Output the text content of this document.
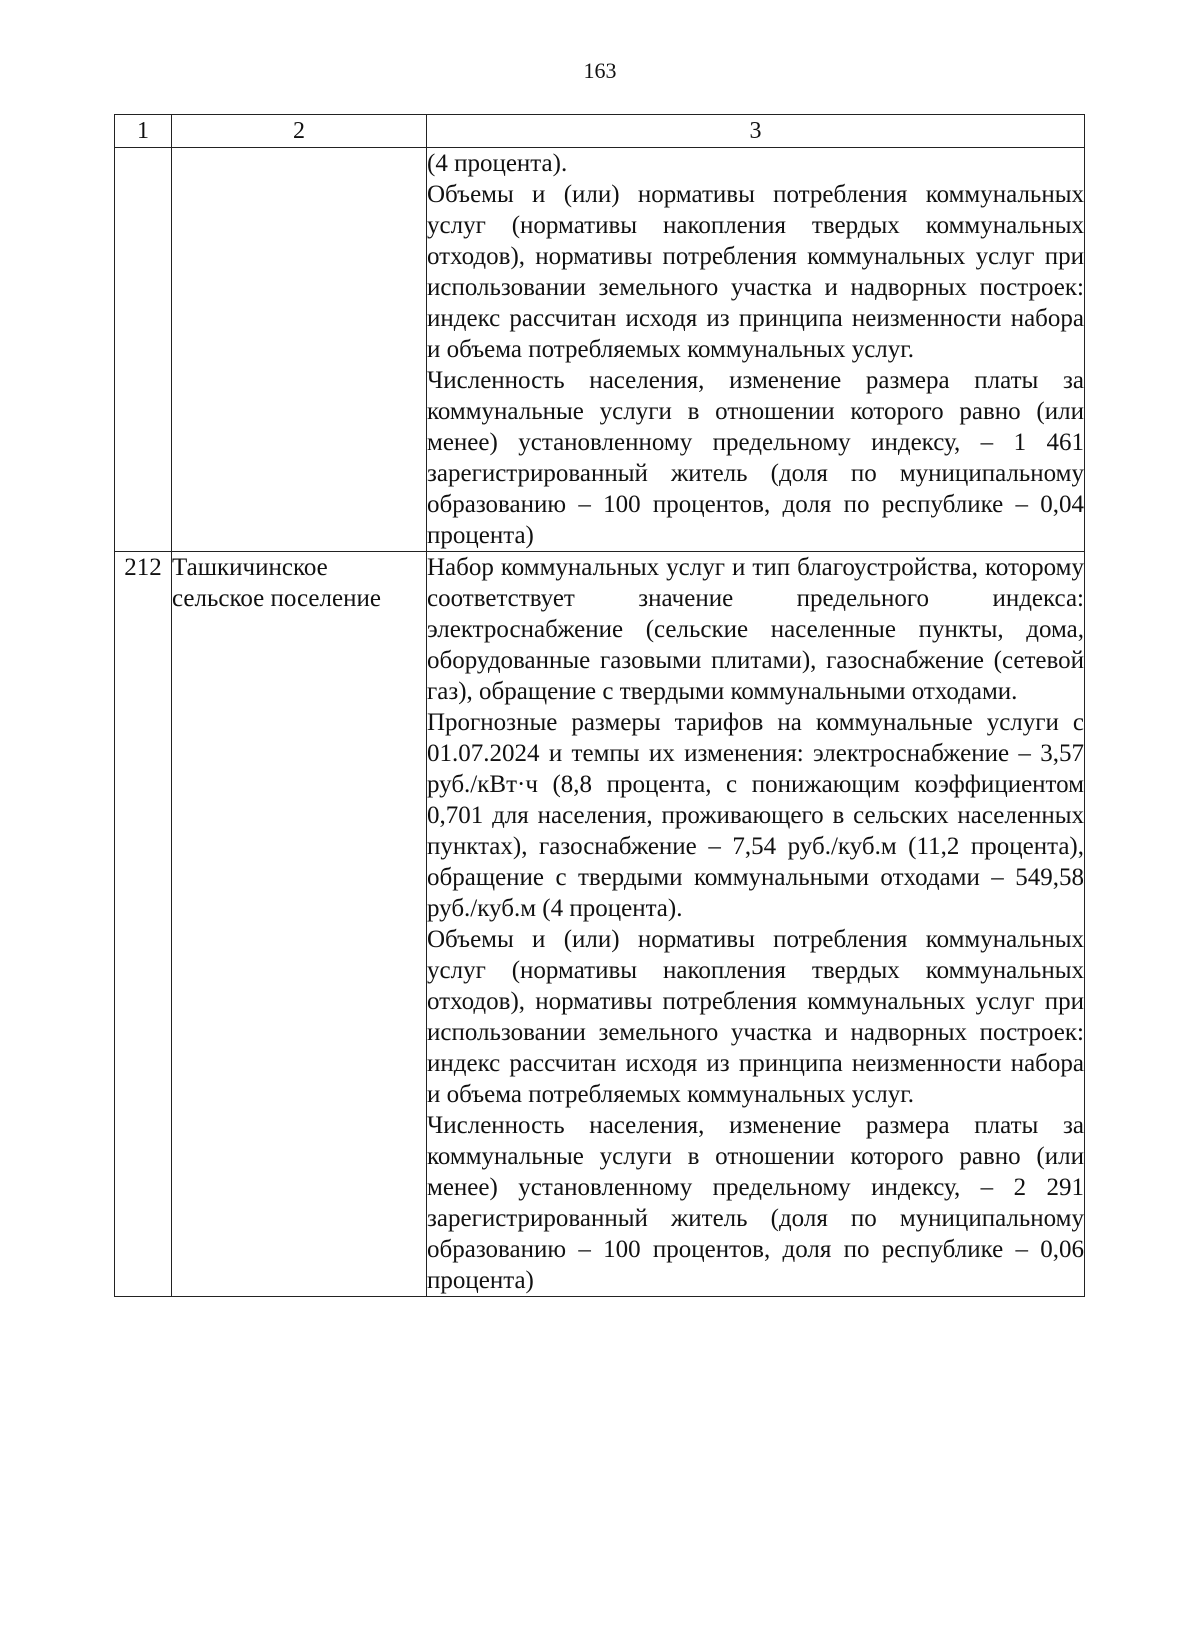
163
1	2	3

		(4 процента).
Объемы и (или) нормативы потребления коммунальных услуг (нормативы накопления твердых коммунальных отходов), нормативы потребления коммунальных услуг при использовании земельного участка и надворных построек: индекс рассчитан исходя из принципа неизменности набора и объема потребляемых коммунальных услуг.
Численность населения, изменение размера платы за коммунальные услуги в отношении которого равно (или менее) установленному предельному индексу, – 1 461 зарегистрированный житель (доля по муниципальному образованию – 100 процентов, доля по республике – 0,04 процента)

212	Ташкичинское сельское поселение	Набор коммунальных услуг и тип благоустройства, которому соответствует значение предельного индекса: электроснабжение (сельские населенные пункты, дома, оборудованные газовыми плитами), газоснабжение (сетевой газ), обращение с твердыми коммунальными отходами.
Прогнозные размеры тарифов на коммунальные услуги с 01.07.2024 и темпы их изменения: электроснабжение – 3,57 руб./кВт·ч (8,8 процента, с понижающим коэффициентом 0,701 для населения, проживающего в сельских населенных пунктах), газоснабжение – 7,54 руб./куб.м (11,2 процента), обращение с твердыми коммунальными отходами – 549,58 руб./куб.м (4 процента).
Объемы и (или) нормативы потребления коммунальных услуг (нормативы накопления твердых коммунальных отходов), нормативы потребления коммунальных услуг при использовании земельного участка и надворных построек: индекс рассчитан исходя из принципа неизменности набора и объема потребляемых коммунальных услуг.
Численность населения, изменение размера платы за коммунальные услуги в отношении которого равно (или менее) установленному предельному индексу, – 2 291 зарегистрированный житель (доля по муниципальному образованию – 100 процентов, доля по республике – 0,06 процента)
